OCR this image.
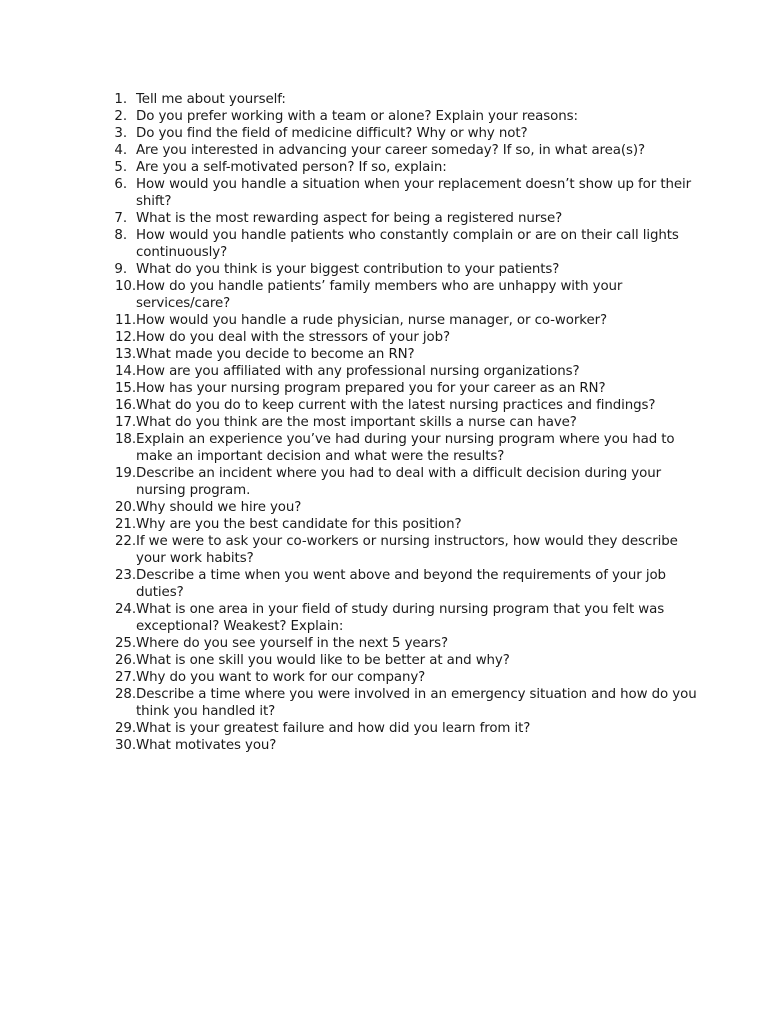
1. Tell me about yourself:
2. Do you prefer working with a team or alone? Explain your reasons:
3. Do you find the field of medicine difficult? Why or why not?
4. Are you interested in advancing your career someday? If so, in what area(s)?
5. Are you a self-motivated person? If so, explain:
6. How would you handle a situation when your replacement doesn’t show up for their shift?
7. What is the most rewarding aspect for being a registered nurse?
8. How would you handle patients who constantly complain or are on their call lights continuously?
9. What do you think is your biggest contribution to your patients?
10. How do you handle patients’ family members who are unhappy with your services/care?
11. How would you handle a rude physician, nurse manager, or co-worker?
12. How do you deal with the stressors of your job?
13. What made you decide to become an RN?
14. How are you affiliated with any professional nursing organizations?
15. How has your nursing program prepared you for your career as an RN?
16. What do you do to keep current with the latest nursing practices and findings?
17. What do you think are the most important skills a nurse can have?
18. Explain an experience you’ve had during your nursing program where you had to make an important decision and what were the results?
19. Describe an incident where you had to deal with a difficult decision during your nursing program.
20. Why should we hire you?
21. Why are you the best candidate for this position?
22. If we were to ask your co-workers or nursing instructors, how would they describe your work habits?
23. Describe a time when you went above and beyond the requirements of your job duties?
24. What is one area in your field of study during nursing program that you felt was exceptional? Weakest? Explain:
25. Where do you see yourself in the next 5 years?
26. What is one skill you would like to be better at and why?
27. Why do you want to work for our company?
28. Describe a time where you were involved in an emergency situation and how do you think you handled it?
29. What is your greatest failure and how did you learn from it?
30. What motivates you?
